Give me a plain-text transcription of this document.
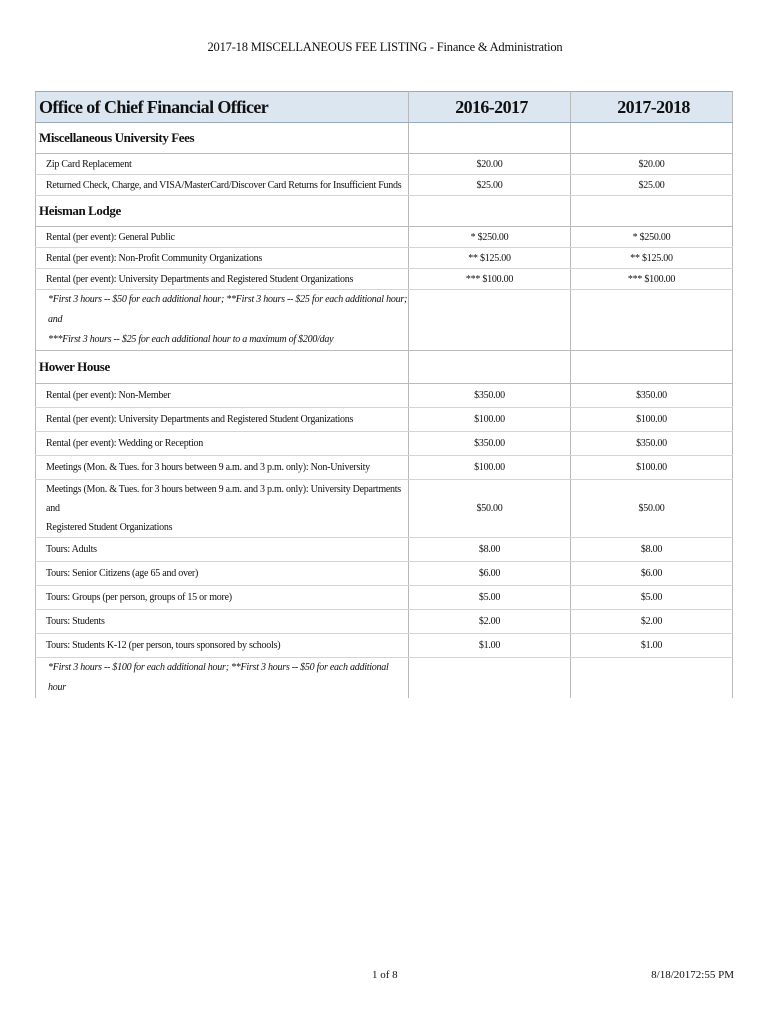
2017-18 MISCELLANEOUS FEE LISTING - Finance & Administration
Office of Chief Financial Officer	2016-2017	2017-2018
Miscellaneous University Fees		
Zip Card Replacement	$20.00	$20.00
Returned Check, Charge, and VISA/MasterCard/Discover Card Returns for Insufficient Funds	$25.00	$25.00
Heisman Lodge		
Rental (per event): General Public	* $250.00	* $250.00
Rental (per event): Non-Profit Community Organizations	** $125.00	** $125.00
Rental (per event): University Departments and Registered Student Organizations	*** $100.00	*** $100.00

*First 3 hours -- $50 for each additional hour; **First 3 hours -- $25 for each additional hour; and
***First 3 hours -- $25 for each additional hour to a maximum of $200/day		

Hower House		
Rental (per event): Non-Member	$350.00	$350.00
Rental (per event): University Departments and Registered Student Organizations	$100.00	$100.00
Rental (per event): Wedding or Reception	$350.00	$350.00
Meetings (Mon. & Tues. for 3 hours between 9 a.m. and 3 p.m. only): Non-University	$100.00	$100.00

Meetings (Mon. & Tues. for 3 hours between 9 a.m. and 3 p.m. only): University Departments and
Registered Student Organizations	$50.00	$50.00
Tours: Adults	$8.00	$8.00
Tours: Senior Citizens (age 65 and over)	$6.00	$6.00
Tours: Groups (per person, groups of 15 or more)	$5.00	$5.00
Tours: Students	$2.00	$2.00
Tours: Students K-12 (per person, tours sponsored by schools)	$1.00	$1.00
*First 3 hours -- $100 for each additional hour; **First 3 hours -- $50 for each additional hour		
1 of 8	8/18/20172:55 PM
